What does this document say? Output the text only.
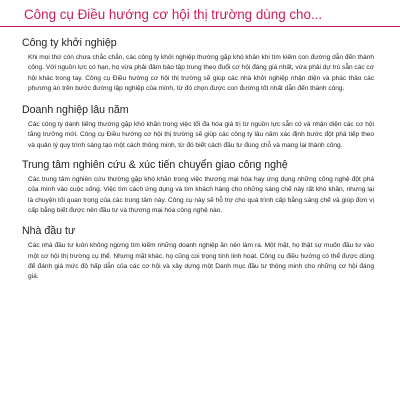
Công cụ Điều hướng cơ hội thị trường dùng cho...
Công ty khởi nghiệp

Khi mọi thứ còn chưa chắc chắn, các công ty khởi nghiệp thường gặp khó khăn khi tìm kiếm con đường dẫn đến thành công. Với nguồn lực có hạn, họ vừa phải đảm bảo tập trung theo đuổi cơ hội đáng giá nhất, vừa phải dự trù sẵn các cơ hội khác trong tay. Công cụ Điều hướng cơ hội thị trường sẽ giúp các nhà khởi nghiệp nhận diện và phác thảo các phương án trên bước đường lập nghiệp của mình, từ đó chọn được con đường tốt nhất dẫn đến thành công.

Doanh nghiệp lâu năm

Các công ty danh tiếng thường gặp khó khăn trong việc tối đa hóa giá trị từ nguồn lực sẵn có và nhận diện các cơ hội tăng trưởng mới. Công cụ Điều hướng cơ hội thị trường sẽ giúp các công ty lâu năm xác định bước đột phá tiếp theo và quản lý quy trình sáng tạo một cách thông minh, từ đó biết cách đầu tư đúng chỗ và mang lại thành công.

Trung tâm nghiên cứu & xúc tiến chuyển giao công nghệ

Các trung tâm nghiên cứu thường gặp khó khăn trong việc thương mại hóa hay ứng dụng những công nghệ đột phá của mình vào cuộc sống. Việc tìm cách ứng dụng và tìm khách hàng cho những sáng chế này rất khó khăn, nhưng lại là chuyện tối quan trọng của các trung tâm này. Công cụ này sẽ hỗ trợ cho quá trình cấp bằng sáng chế và giúp đơn vị cấp bằng biết được nên đầu tư và thương mại hóa công nghệ nào.

Nhà đầu tư

Các nhà đầu tư luôn không ngừng tìm kiếm những doanh nghiệp ăn nên làm ra. Một mặt, họ thật sự muốn đầu tư vào một cơ hội thị trường cụ thể. Nhưng mặt khác, họ cũng coi trọng tính linh hoạt. Công cụ điều hướng có thể được dùng để đánh giá mức độ hấp dẫn của các cơ hội và xây dựng một Danh mục đầu tư thông minh cho những cơ hội đáng giá.
